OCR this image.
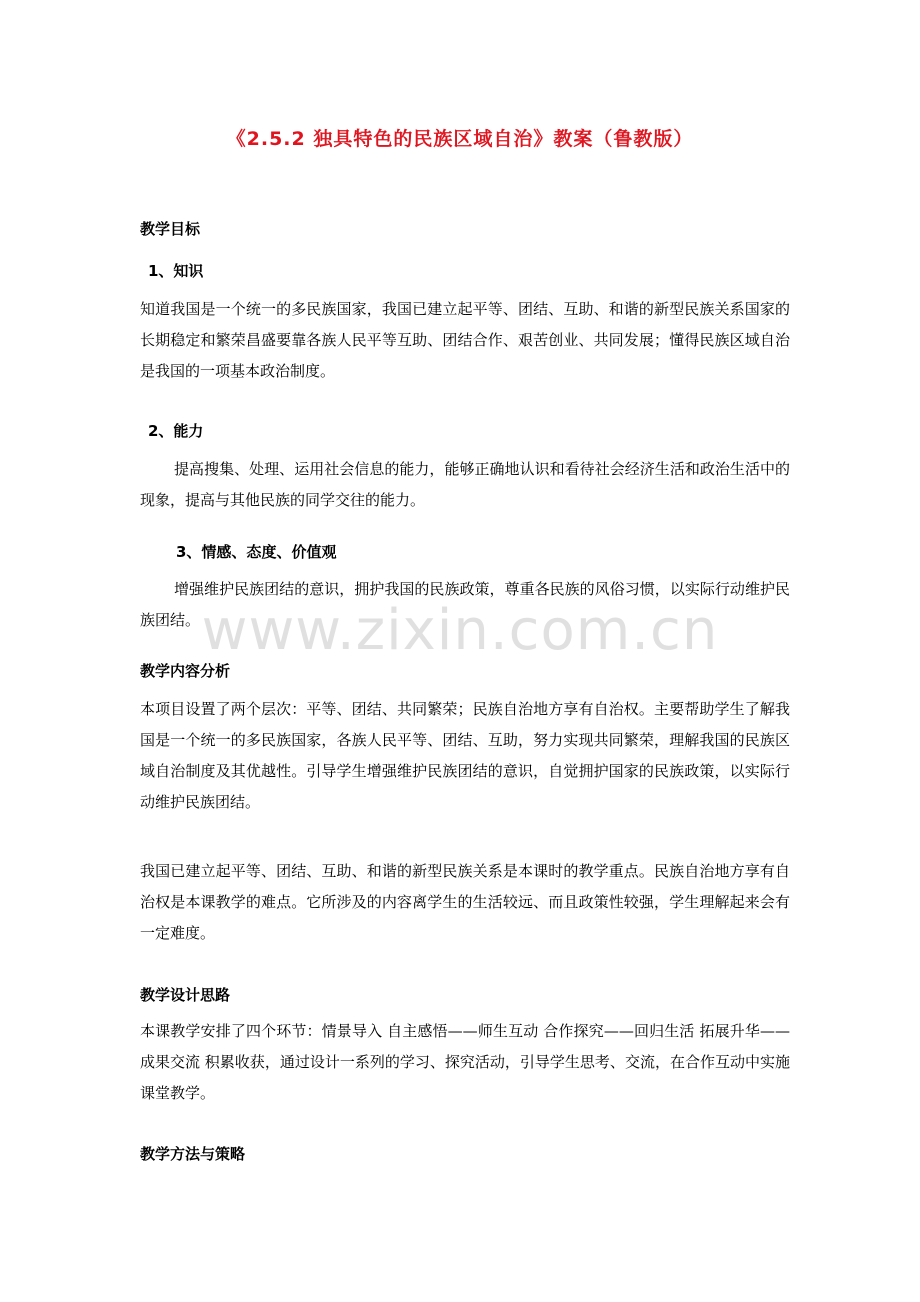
《2.5.2 独具特色的民族区域自治》教案（鲁教版）
教学目标
1、知识
知道我国是一个统一的多民族国家，我国已建立起平等、团结、互助、和谐的新型民族关系国家的长期稳定和繁荣昌盛要靠各族人民平等互助、团结合作、艰苦创业、共同发展；懂得民族区域自治是我国的一项基本政治制度。
2、能力
提高搜集、处理、运用社会信息的能力，能够正确地认识和看待社会经济生活和政治生活中的现象，提高与其他民族的同学交往的能力。
3、情感、态度、价值观
增强维护民族团结的意识，拥护我国的民族政策，尊重各民族的风俗习惯，以实际行动维护民族团结。
教学内容分析
本项目设置了两个层次：平等、团结、共同繁荣；民族自治地方享有自治权。主要帮助学生了解我国是一个统一的多民族国家，各族人民平等、团结、互助，努力实现共同繁荣，理解我国的民族区域自治制度及其优越性。引导学生增强维护民族团结的意识，自觉拥护国家的民族政策，以实际行动维护民族团结。
我国已建立起平等、团结、互助、和谐的新型民族关系是本课时的教学重点。民族自治地方享有自治权是本课教学的难点。它所涉及的内容离学生的生活较远、而且政策性较强，学生理解起来会有一定难度。
教学设计思路
本课教学安排了四个环节：情景导入 自主感悟——师生互动 合作探究——回归生活 拓展升华——成果交流 积累收获，通过设计一系列的学习、探究活动，引导学生思考、交流，在合作互动中实施课堂教学。
教学方法与策略
www.zixin.com.cn
